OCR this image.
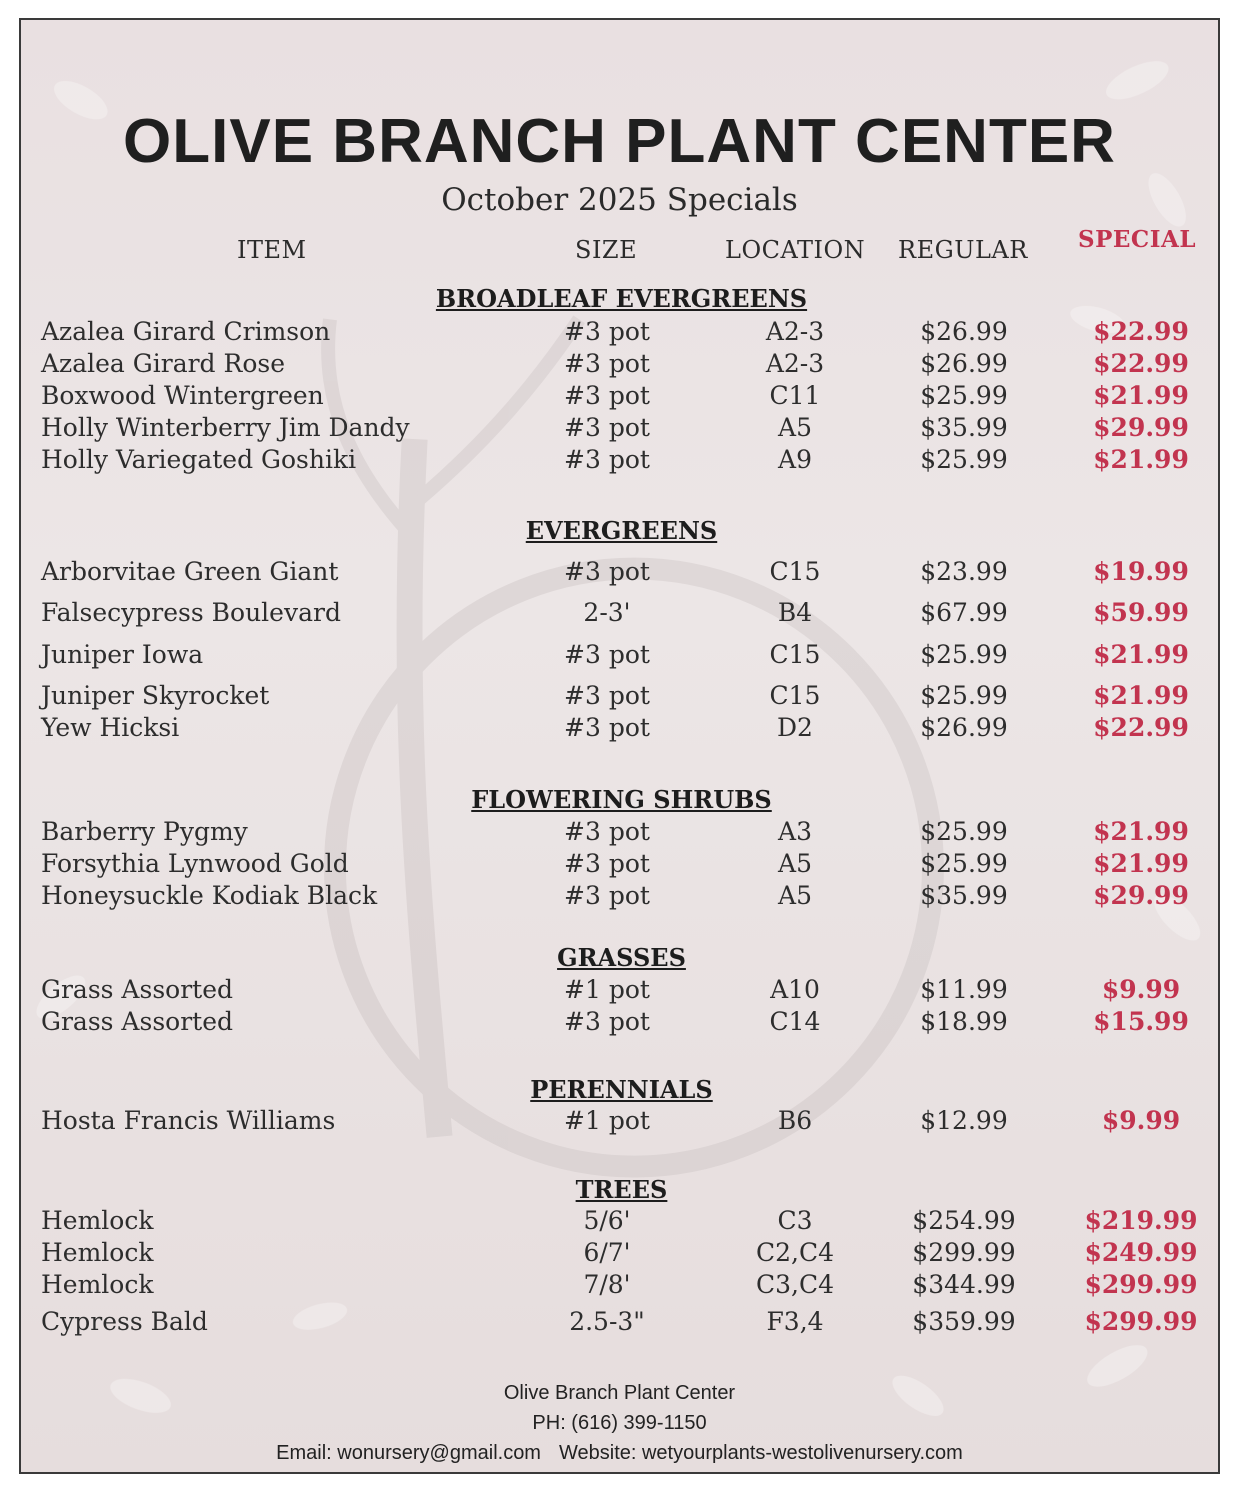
OLIVE BRANCH PLANT CENTER
October 2025 Specials
ITEM	SIZE	LOCATION REGULAR SPECIAL
BROADLEAF EVERGREENS
Azalea Girard Crimson	#3 pot	A2-3	$26.99	$22.99
Azalea Girard Rose	#3 pot	A2-3	$26.99	$22.99
Boxwood Wintergreen	#3 pot	C11	$25.99	$21.99
Holly Winterberry Jim Dandy	#3 pot	A5	$35.99	$29.99
Holly Variegated Goshiki	#3 pot	A9	$25.99	$21.99
EVERGREENS
Arborvitae Green Giant	#3 pot	C15	$23.99	$19.99
Falsecypress Boulevard	2-3'	B4	$67.99	$59.99
Juniper Iowa	#3 pot	C15	$25.99	$21.99
Juniper Skyrocket	#3 pot	C15	$25.99	$21.99
Yew Hicksi	#3 pot	D2	$26.99	$22.99
FLOWERING SHRUBS
Barberry Pygmy	#3 pot	A3	$25.99	$21.99
Forsythia Lynwood Gold	#3 pot	A5	$25.99	$21.99
Honeysuckle Kodiak Black	#3 pot	A5	$35.99	$29.99
GRASSES
Grass Assorted	#1 pot	A10	$11.99	$9.99
Grass Assorted	#3 pot	C14	$18.99	$15.99
PERENNIALS
Hosta Francis Williams	#1 pot	B6	$12.99	$9.99
TREES
Hemlock	5/6'	C3	$254.99	$219.99
Hemlock	6/7'	C2,C4	$299.99	$249.99
Hemlock	7/8'	C3,C4	$344.99	$299.99
Cypress Bald	2.5-3"	F3,4	$359.99	$299.99
Olive Branch Plant Center
PH: (616) 399-1150
Email: wonursery@gmail.com Website: wetyourplants-westolivenursery.com
